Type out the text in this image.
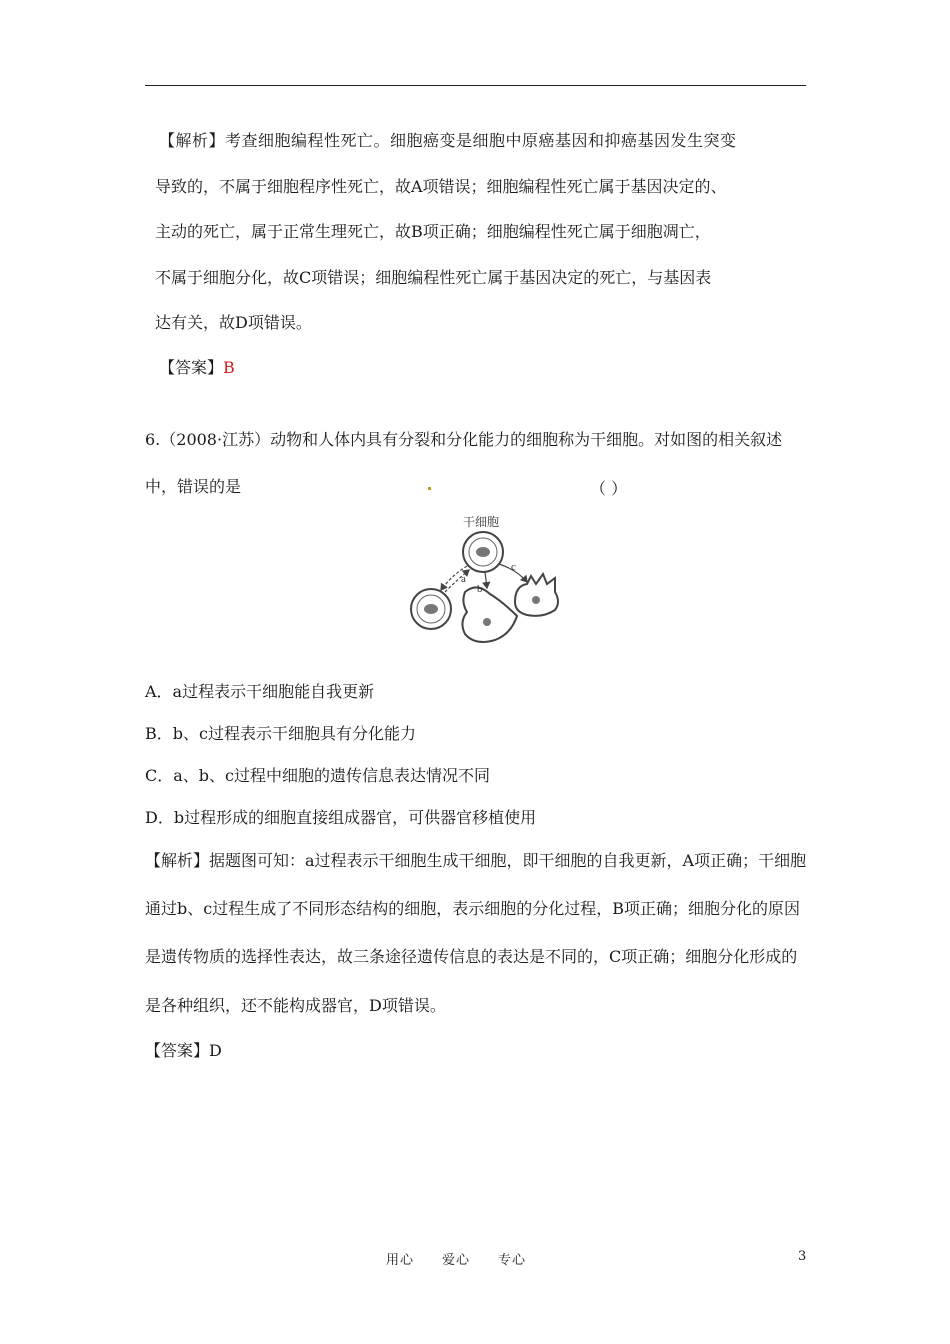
【解析】考查细胞编程性死亡。细胞癌变是细胞中原癌基因和抑癌基因发生突变
导致的，不属于细胞程序性死亡，故A项错误；细胞编程性死亡属于基因决定的、
主动的死亡，属于正常生理死亡，故B项正确；细胞编程性死亡属于细胞凋亡，
不属于细胞分化，故C项错误；细胞编程性死亡属于基因决定的死亡，与基因表
达有关，故D项错误。
【答案】B
6.（2008·江苏）动物和人体内具有分裂和分化能力的细胞称为干细胞。对如图的相关叙述
中，错误的是	（ ）
干细胞
a
b
c
A．a过程表示干细胞能自我更新
B．b、c过程表示干细胞具有分化能力
C．a、b、c过程中细胞的遗传信息表达情况不同
D．b过程形成的细胞直接组成器官，可供器官移植使用
【解析】据题图可知：a过程表示干细胞生成干细胞，即干细胞的自我更新，A项正确；干细胞
通过b、c过程生成了不同形态结构的细胞，表示细胞的分化过程，B项正确；细胞分化的原因
是遗传物质的选择性表达，故三条途径遗传信息的表达是不同的，C项正确；细胞分化形成的
是各种组织，还不能构成器官，D项错误。
【答案】D
用心 爱心 专心	3
